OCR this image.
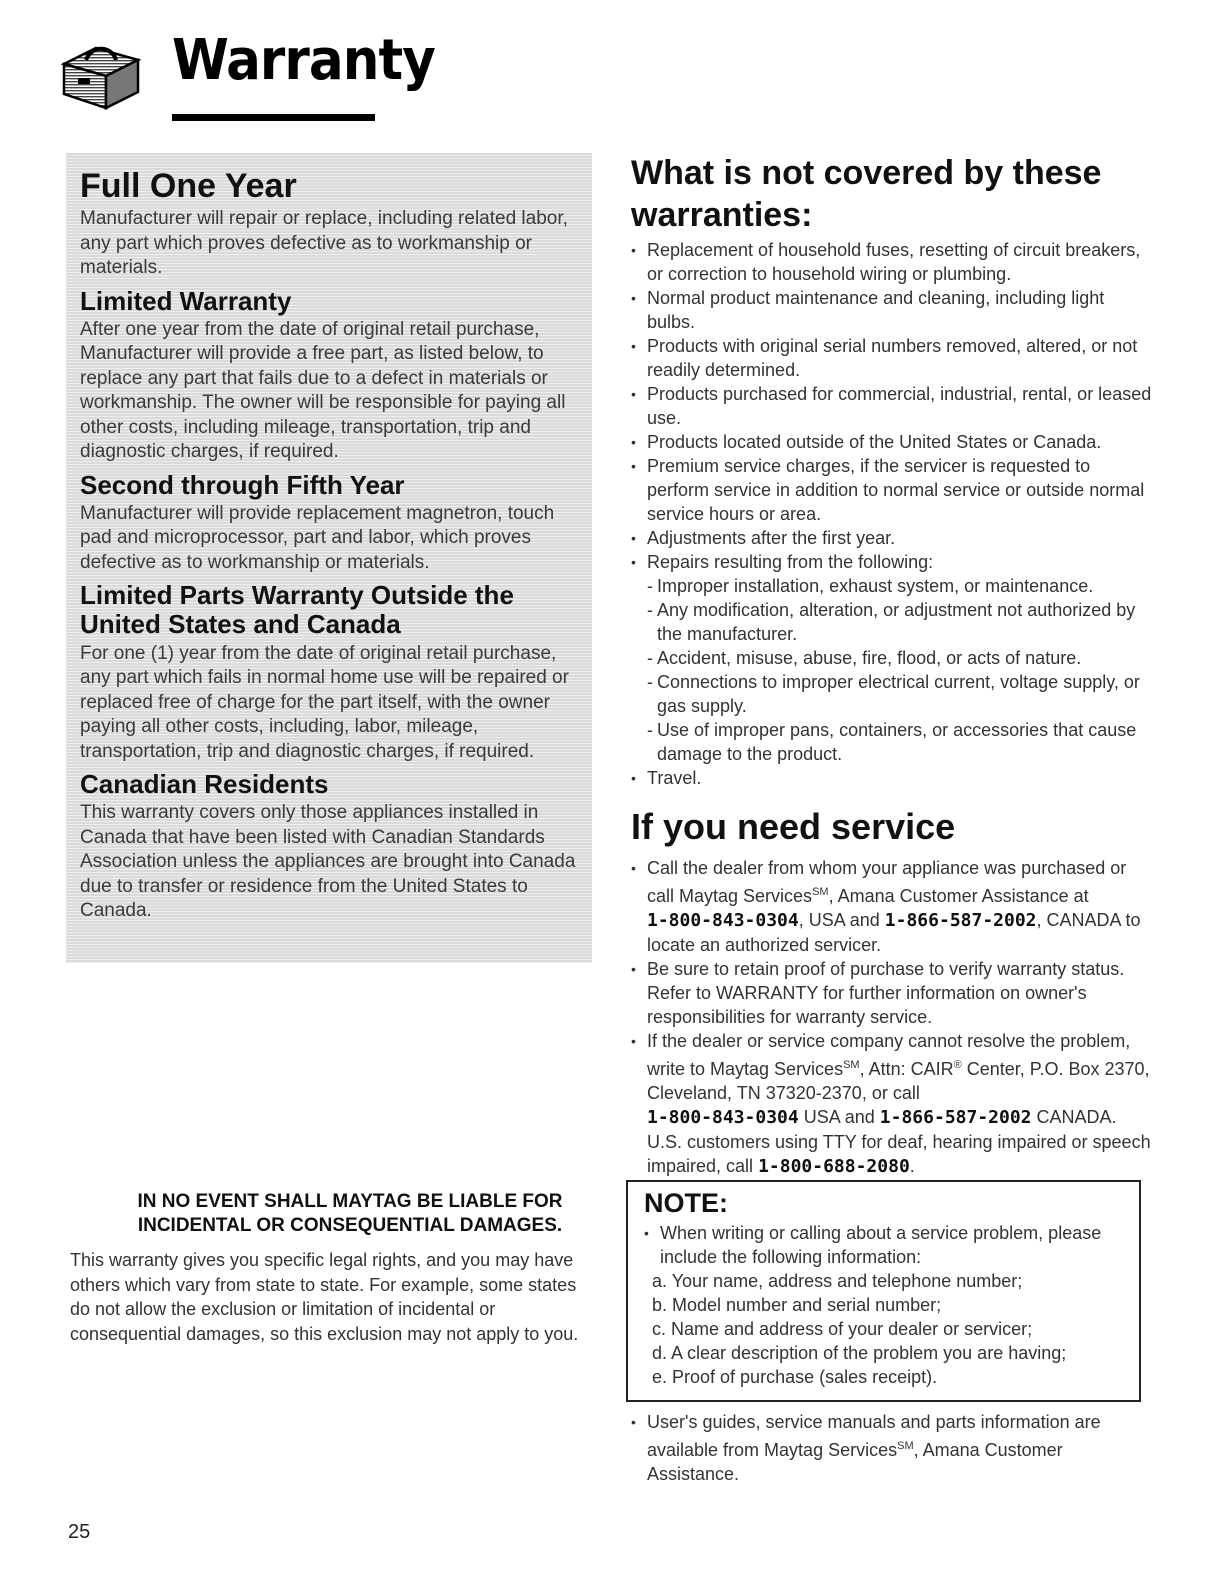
Warranty
Full One Year

Manufacturer will repair or replace, including related labor, any part which proves defective as to workmanship or materials.

Limited Warranty

After one year from the date of original retail purchase, Manufacturer will provide a free part, as listed below, to replace any part that fails due to a defect in materials or workmanship. The owner will be responsible for paying all other costs, including mileage, transportation, trip and diagnostic charges, if required.

Second through Fifth Year

Manufacturer will provide replacement magnetron, touch pad and microprocessor, part and labor, which proves defective as to workmanship or materials.

Limited Parts Warranty Outside the United States and Canada

For one (1) year from the date of original retail purchase, any part which fails in normal home use will be repaired or replaced free of charge for the part itself, with the owner paying all other costs, including, labor, mileage, transportation, trip and diagnostic charges, if required.

Canadian Residents

This warranty covers only those appliances installed in Canada that have been listed with Canadian Standards Association unless the appliances are brought into Canada due to transfer or residence from the United States to Canada.

IN NO EVENT SHALL MAYTAG BE LIABLE FOR INCIDENTAL OR CONSEQUENTIAL DAMAGES.

This warranty gives you specific legal rights, and you may have others which vary from state to state. For example, some states do not allow the exclusion or limitation of incidental or consequential damages, so this exclusion may not apply to you.

25
What is not covered by these warranties:
• Replacement of household fuses, resetting of circuit breakers, or correction to household wiring or plumbing.
• Normal product maintenance and cleaning, including light bulbs.
• Products with original serial numbers removed, altered, or not readily determined.
• Products purchased for commercial, industrial, rental, or leased use.
• Products located outside of the United States or Canada.
• Premium service charges, if the servicer is requested to perform service in addition to normal service or outside normal service hours or area.
• Adjustments after the first year.
• Repairs resulting from the following:
- Improper installation, exhaust system, or maintenance.
- Any modification, alteration, or adjustment not authorized by the manufacturer.
- Accident, misuse, abuse, fire, flood, or acts of nature.
- Connections to improper electrical current, voltage supply, or gas supply.
- Use of improper pans, containers, or accessories that cause damage to the product.
• Travel.
If you need service
• Call the dealer from whom your appliance was purchased or call Maytag Services℠, Amana Customer Assistance at
1-800-843-0304, USA and 1-866-587-2002, CANADA to locate an authorized servicer.
• Be sure to retain proof of purchase to verify warranty status. Refer to WARRANTY for further information on owner's responsibilities for warranty service.
• If the dealer or service company cannot resolve the problem, write to Maytag Services℠, Attn: CAIR® Center, P.O. Box 2370, Cleveland, TN 37320-2370, or call
1-800-843-0304 USA and 1-866-587-2002 CANADA. U.S. customers using TTY for deaf, hearing impaired or speech impaired, call 1-800-688-2080.
NOTE:
• When writing or calling about a service problem, please include the following information:
a. Your name, address and telephone number;
b. Model number and serial number;
c. Name and address of your dealer or servicer;
d. A clear description of the problem you are having;
e. Proof of purchase (sales receipt).
• User's guides, service manuals and parts information are available from Maytag Services℠, Amana Customer Assistance.
